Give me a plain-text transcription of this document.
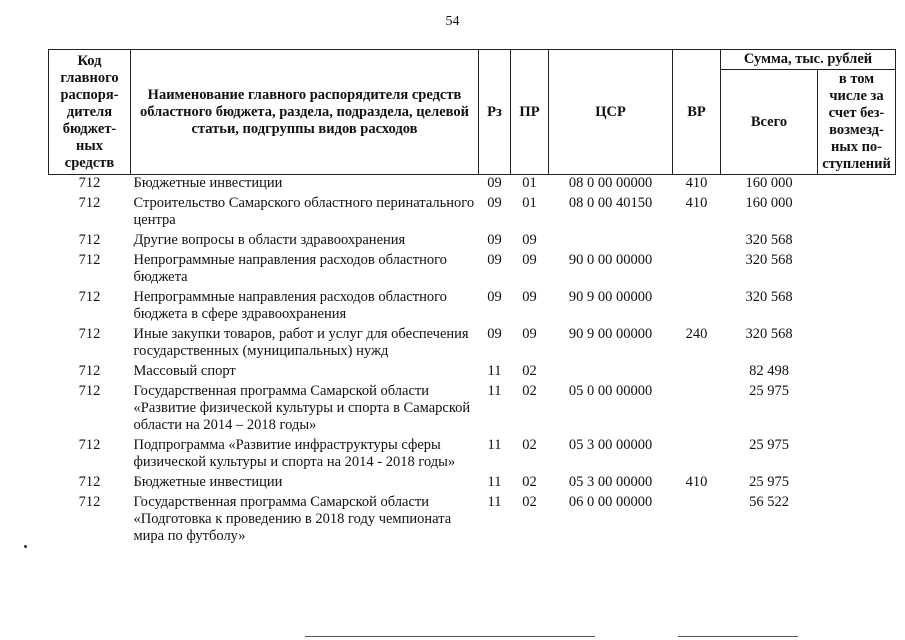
54
Код главного распоря-дителя бюджет-ных средств	Наименование главного распорядителя средств областного бюджета, раздела, подраздела, целевой статьи, подгруппы видов расходов	Рз	ПР	ЦСР	ВР	Сумма, тыс. рублей	
						Всего	в том числе за счет без-возмезд-ных по-ступлений
712	Бюджетные инвестиции	09	01	08 0 00 00000	410	160 000	
712	Строительство Самарского областного перинатального центра	09	01	08 0 00 40150	410	160 000	
712	Другие вопросы в области здравоохранения	09	09			320 568	
712	Непрограммные направления расходов областного бюджета	09	09	90 0 00 00000		320 568	
712	Непрограммные направления расходов областного бюджета в сфере здравоохранения	09	09	90 9 00 00000		320 568	
712	Иные закупки товаров, работ и услуг для обеспечения государственных (муниципальных) нужд	09	09	90 9 00 00000	240	320 568	
712	Массовый спорт	11	02			82 498	
712	Государственная программа Самарской области «Развитие физической культуры и спорта в Самарской области на 2014 – 2018 годы»	11	02	05 0 00 00000		25 975	
712	Подпрограмма «Развитие инфраструктуры сферы физической культуры и спорта на 2014 - 2018 годы»	11	02	05 3 00 00000		25 975	
712	Бюджетные инвестиции	11	02	05 3 00 00000	410	25 975	
712	Государственная программа Самарской области «Подготовка к проведению в 2018 году чемпионата мира по футболу»	11	02	06 0 00 00000		56 522	
